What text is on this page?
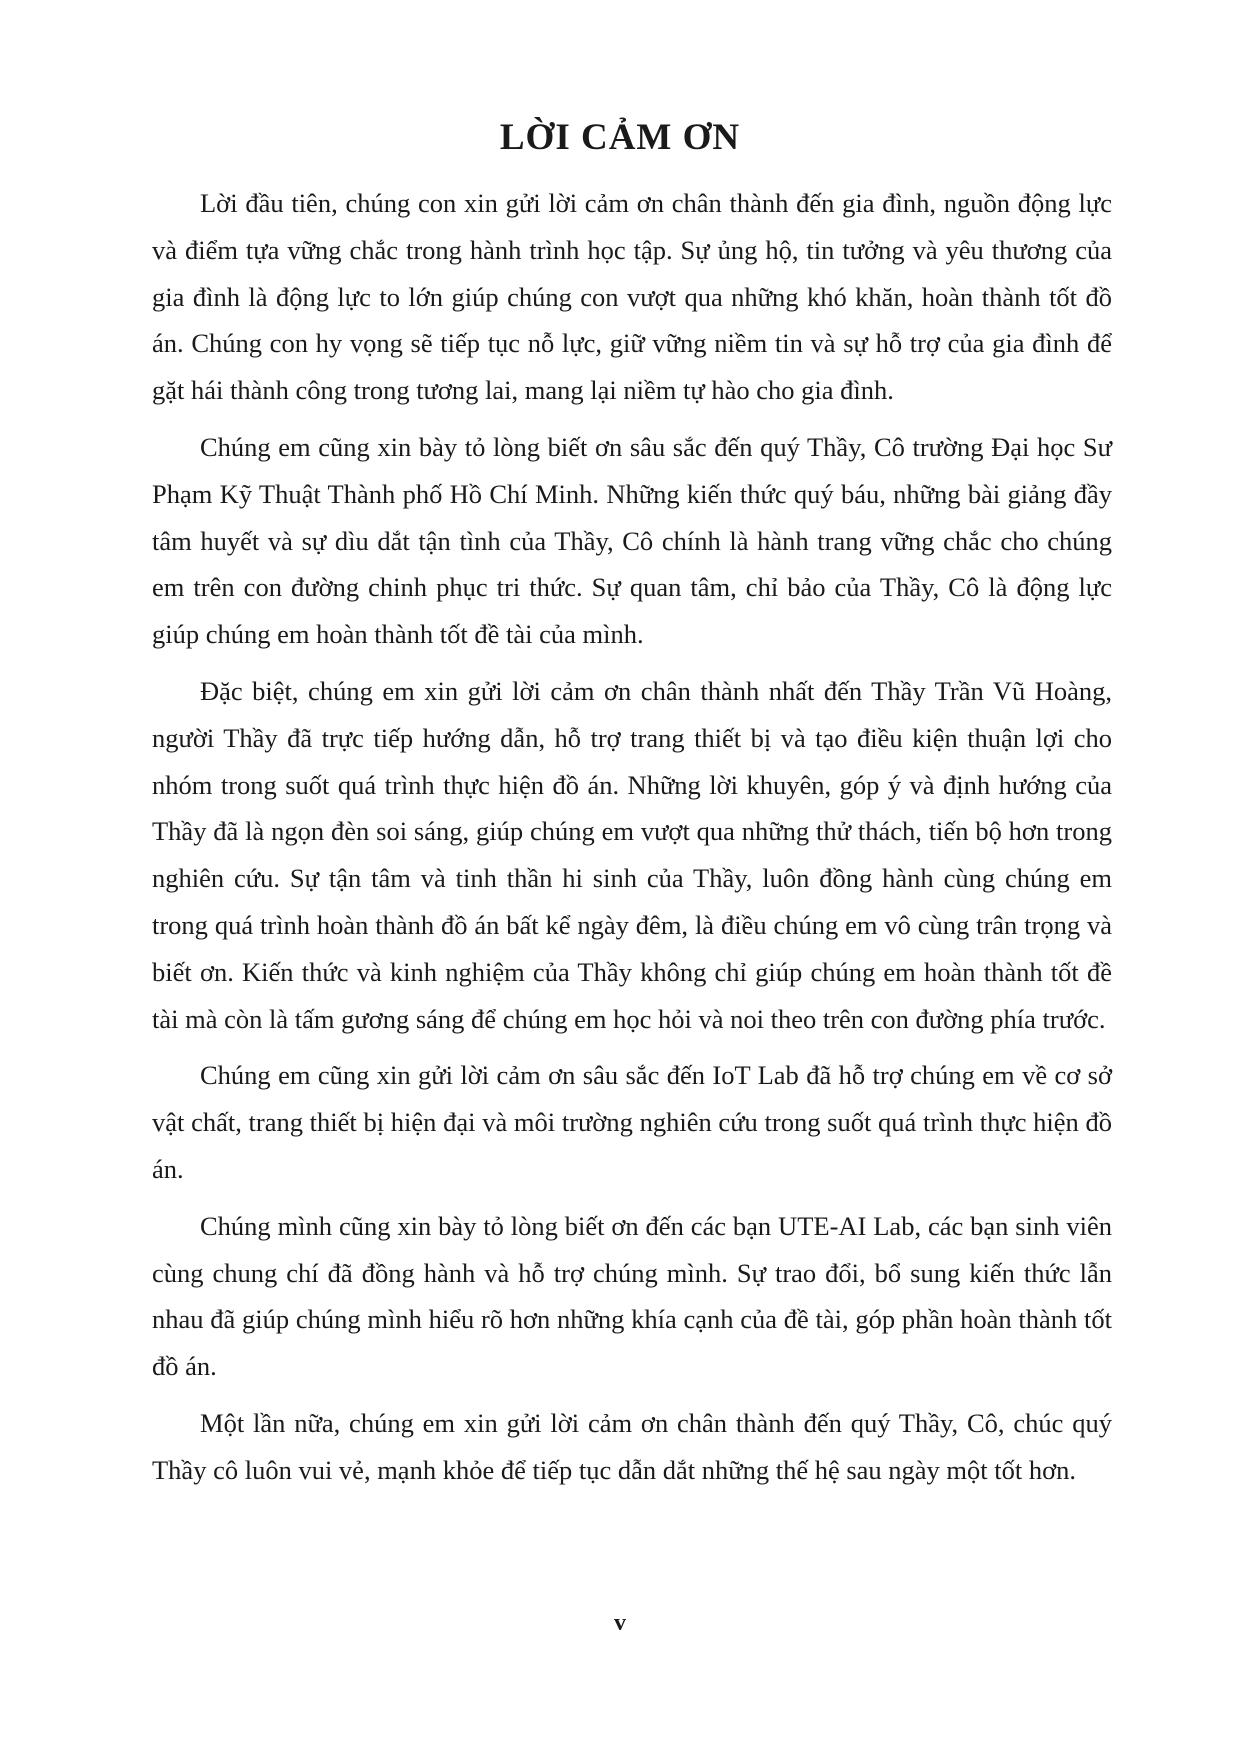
LỜI CẢM ƠN

Lời đầu tiên, chúng con xin gửi lời cảm ơn chân thành đến gia đình, nguồn động lực và điểm tựa vững chắc trong hành trình học tập. Sự ủng hộ, tin tưởng và yêu thương của gia đình là động lực to lớn giúp chúng con vượt qua những khó khăn, hoàn thành tốt đồ án. Chúng con hy vọng sẽ tiếp tục nỗ lực, giữ vững niềm tin và sự hỗ trợ của gia đình để gặt hái thành công trong tương lai, mang lại niềm tự hào cho gia đình.

Chúng em cũng xin bày tỏ lòng biết ơn sâu sắc đến quý Thầy, Cô trường Đại học Sư Phạm Kỹ Thuật Thành phố Hồ Chí Minh. Những kiến thức quý báu, những bài giảng đầy tâm huyết và sự dìu dắt tận tình của Thầy, Cô chính là hành trang vững chắc cho chúng em trên con đường chinh phục tri thức. Sự quan tâm, chỉ bảo của Thầy, Cô là động lực giúp chúng em hoàn thành tốt đề tài của mình.

Đặc biệt, chúng em xin gửi lời cảm ơn chân thành nhất đến Thầy Trần Vũ Hoàng, người Thầy đã trực tiếp hướng dẫn, hỗ trợ trang thiết bị và tạo điều kiện thuận lợi cho nhóm trong suốt quá trình thực hiện đồ án. Những lời khuyên, góp ý và định hướng của Thầy đã là ngọn đèn soi sáng, giúp chúng em vượt qua những thử thách, tiến bộ hơn trong nghiên cứu. Sự tận tâm và tinh thần hi sinh của Thầy, luôn đồng hành cùng chúng em trong quá trình hoàn thành đồ án bất kể ngày đêm, là điều chúng em vô cùng trân trọng và biết ơn. Kiến thức và kinh nghiệm của Thầy không chỉ giúp chúng em hoàn thành tốt đề tài mà còn là tấm gương sáng để chúng em học hỏi và noi theo trên con đường phía trước.

Chúng em cũng xin gửi lời cảm ơn sâu sắc đến IoT Lab đã hỗ trợ chúng em về cơ sở vật chất, trang thiết bị hiện đại và môi trường nghiên cứu trong suốt quá trình thực hiện đồ án.

Chúng mình cũng xin bày tỏ lòng biết ơn đến các bạn UTE-AI Lab, các bạn sinh viên cùng chung chí đã đồng hành và hỗ trợ chúng mình. Sự trao đổi, bổ sung kiến thức lẫn nhau đã giúp chúng mình hiểu rõ hơn những khía cạnh của đề tài, góp phần hoàn thành tốt đồ án.

Một lần nữa, chúng em xin gửi lời cảm ơn chân thành đến quý Thầy, Cô, chúc quý Thầy cô luôn vui vẻ, mạnh khỏe để tiếp tục dẫn dắt những thế hệ sau ngày một tốt hơn.

v
